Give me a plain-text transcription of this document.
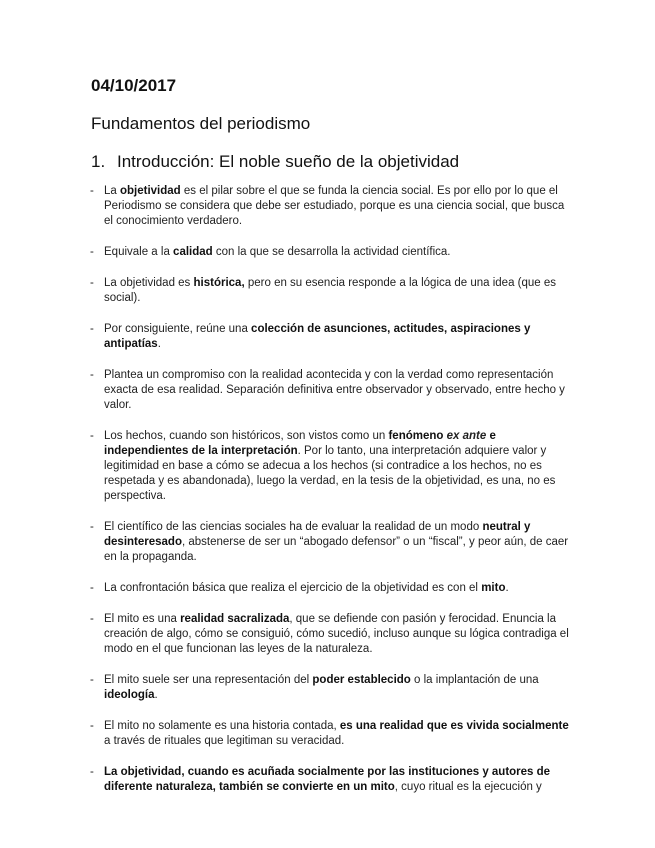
04/10/2017
Fundamentos del periodismo
1. Introducción: El noble sueño de la objetividad
- La objetividad es el pilar sobre el que se funda la ciencia social. Es por ello por lo que el Periodismo se considera que debe ser estudiado, porque es una ciencia social, que busca el conocimiento verdadero.
- Equivale a la calidad con la que se desarrolla la actividad científica.
- La objetividad es histórica, pero en su esencia responde a la lógica de una idea (que es social).
- Por consiguiente, reúne una colección de asunciones, actitudes, aspiraciones y antipatías.
- Plantea un compromiso con la realidad acontecida y con la verdad como representación exacta de esa realidad. Separación definitiva entre observador y observado, entre hecho y valor.
- Los hechos, cuando son históricos, son vistos como un fenómeno ex ante e independientes de la interpretación. Por lo tanto, una interpretación adquiere valor y legitimidad en base a cómo se adecua a los hechos (si contradice a los hechos, no es respetada y es abandonada), luego la verdad, en la tesis de la objetividad, es una, no es perspectiva.
- El científico de las ciencias sociales ha de evaluar la realidad de un modo neutral y desinteresado, abstenerse de ser un “abogado defensor” o un “fiscal”, y peor aún, de caer en la propaganda.
- La confrontación básica que realiza el ejercicio de la objetividad es con el mito.
- El mito es una realidad sacralizada, que se defiende con pasión y ferocidad. Enuncia la creación de algo, cómo se consiguió, cómo sucedió, incluso aunque su lógica contradiga el modo en el que funcionan las leyes de la naturaleza.
- El mito suele ser una representación del poder establecido o la implantación de una ideología.
- El mito no solamente es una historia contada, es una realidad que es vivida socialmente a través de rituales que legitiman su veracidad.
- La objetividad, cuando es acuñada socialmente por las instituciones y autores de diferente naturaleza, también se convierte en un mito, cuyo ritual es la ejecución y
